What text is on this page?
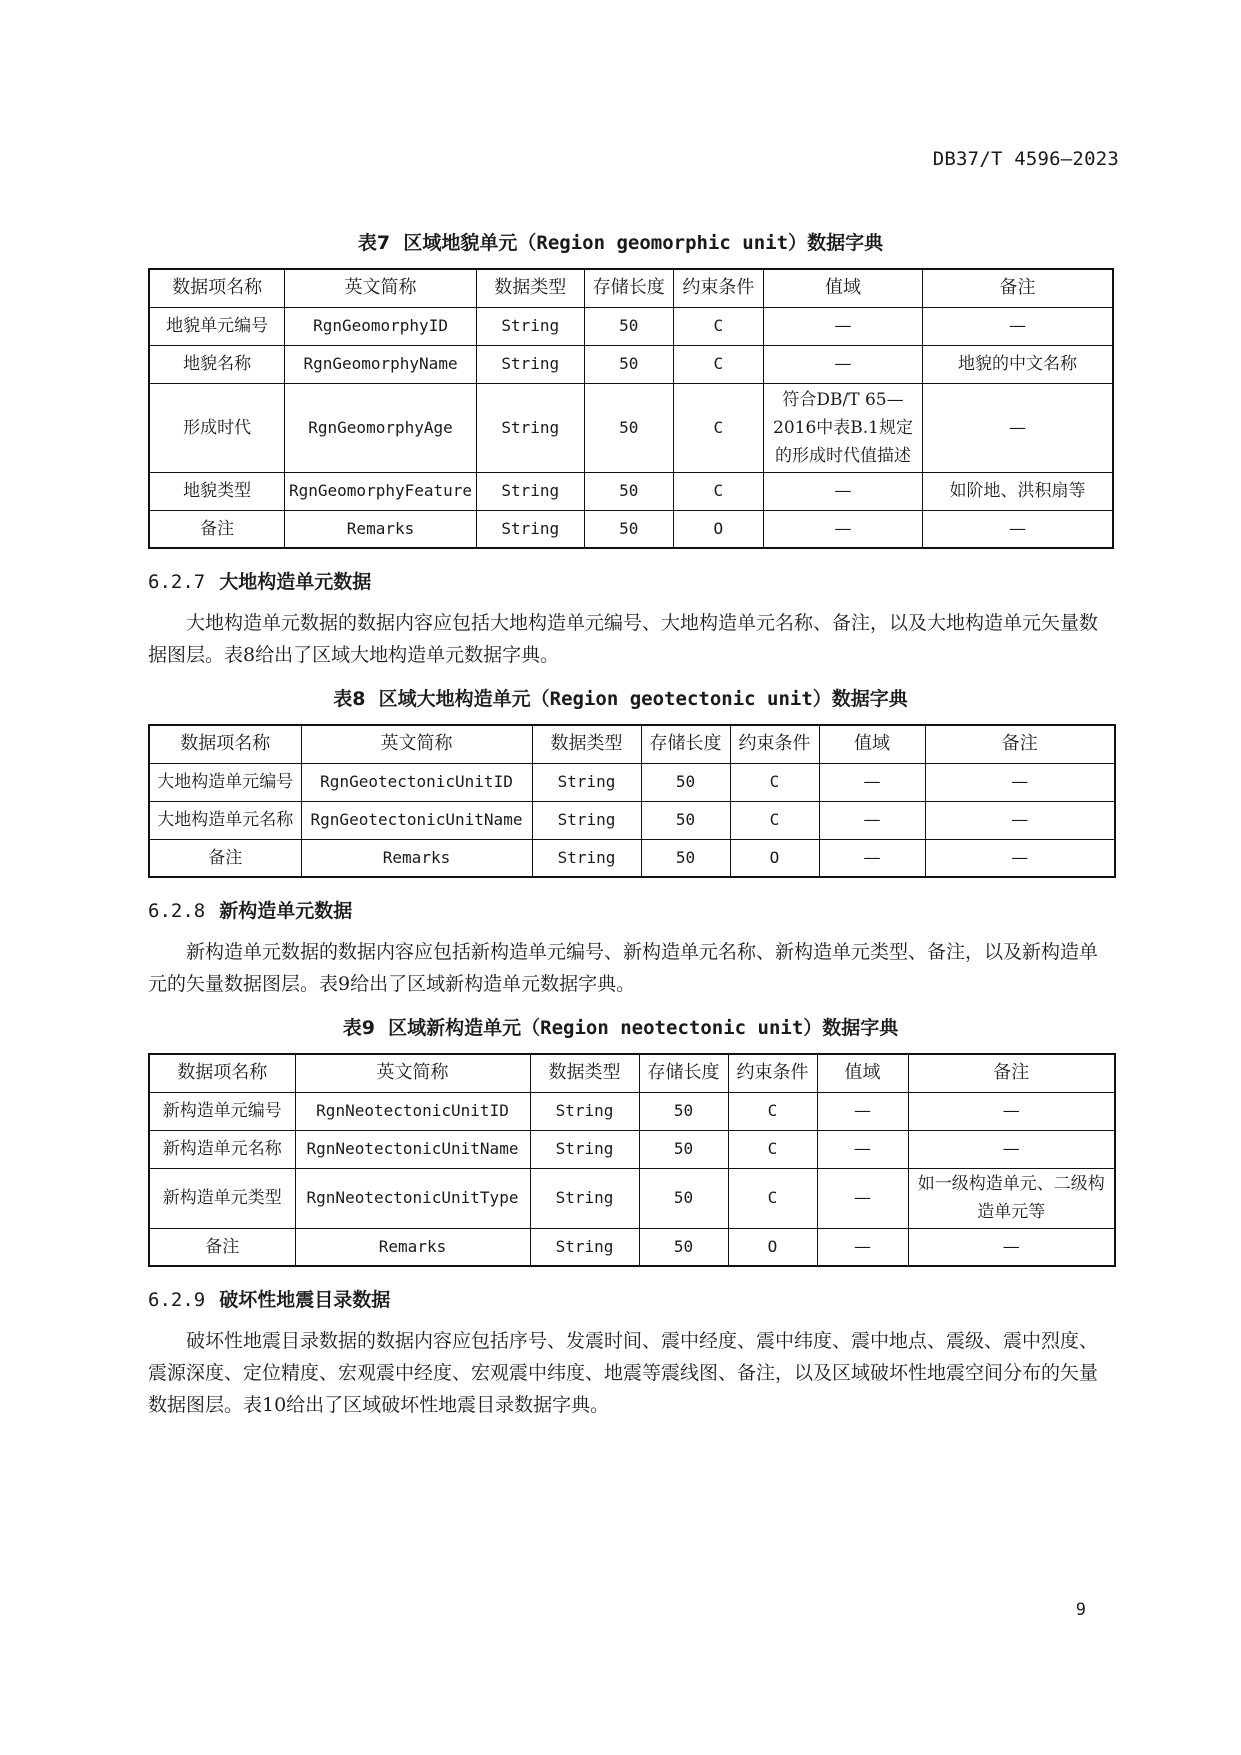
DB37/T 4596—2023
表7 区域地貌单元（Region geomorphic unit）数据字典
数据项名称	英文简称	数据类型	存储长度	约束条件	值域	备注
地貌单元编号	RgnGeomorphyID	String	50	C	—	—
地貌名称	RgnGeomorphyName	String	50	C	—	地貌的中文名称
形成时代	RgnGeomorphyAge	String	50	C	符合DB/T 65—2016中表B.1规定的形成时代值描述	—
地貌类型	RgnGeomorphyFeature	String	50	C	—	如阶地、洪积扇等
备注	Remarks	String	50	O	—	—
6.2.7 大地构造单元数据

大地构造单元数据的数据内容应包括大地构造单元编号、大地构造单元名称、备注，以及大地构造单元矢量数据图层。表8给出了区域大地构造单元数据字典。

表8 区域大地构造单元（Region geotectonic unit）数据字典
数据项名称	英文简称	数据类型	存储长度	约束条件	值域	备注
大地构造单元编号	RgnGeotectonicUnitID	String	50	C	—	—
大地构造单元名称	RgnGeotectonicUnitName	String	50	C	—	—
备注	Remarks	String	50	O	—	—
6.2.8 新构造单元数据

新构造单元数据的数据内容应包括新构造单元编号、新构造单元名称、新构造单元类型、备注，以及新构造单元的矢量数据图层。表9给出了区域新构造单元数据字典。

表9 区域新构造单元（Region neotectonic unit）数据字典
数据项名称	英文简称	数据类型	存储长度	约束条件	值域	备注
新构造单元编号	RgnNeotectonicUnitID	String	50	C	—	—
新构造单元名称	RgnNeotectonicUnitName	String	50	C	—	—
新构造单元类型	RgnNeotectonicUnitType	String	50	C	—	如一级构造单元、二级构造单元等
备注	Remarks	String	50	O	—	—
6.2.9 破坏性地震目录数据

破坏性地震目录数据的数据内容应包括序号、发震时间、震中经度、震中纬度、震中地点、震级、震中烈度、震源深度、定位精度、宏观震中经度、宏观震中纬度、地震等震线图、备注，以及区域破坏性地震空间分布的矢量数据图层。表10给出了区域破坏性地震目录数据字典。

9
